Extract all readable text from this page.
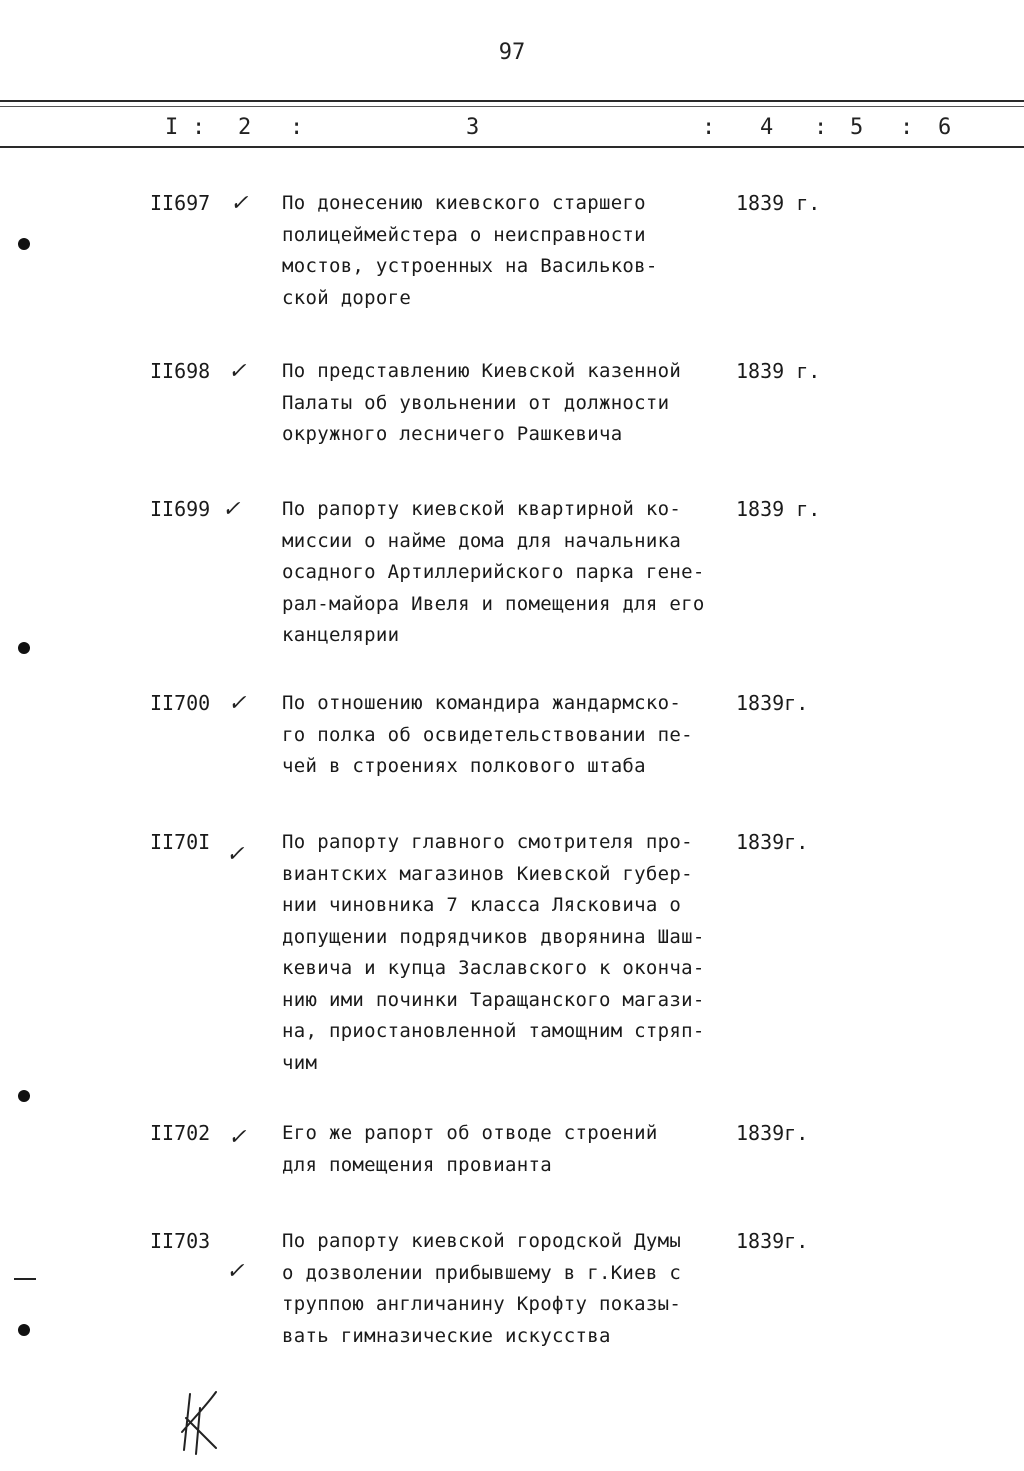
97
I : 2 :	3	: 4 : 5 : 6
II697 ✓ По донесению киевского старшего
полицеймейстера о неисправности
мостов, устроенных на Васильков-
ской дороге
1839 г.
II698 ✓ По представлению Киевской казенной
Палаты об увольнении от должности
окружного лесничего Рашкевича
1839 г.
II699 ✓ По рапорту киевской квартирной ко-
миссии о найме дома для начальника
осадного Артиллерийского парка гене-
рал-майора Ивеля и помещения для его
канцелярии
1839 г.
II700 ✓ По отношению командира жандармско-
го полка об освидетельствовании пе-
чей в строениях полкового штаба
1839г.
II70I ✓ По рапорту главного смотрителя про-
виантских магазинов Киевской губер-
нии чиновника 7 класса Лясковича о
допущении подрядчиков дворянина Шаш-
кевича и купца Заславского к оконча-
нию ими починки Таращанского магази-
на, приостановленной тамощним стряп-
чим
1839г.
II702 ✓ Его же рапорт об отводе строений
для помещения провианта
1839г.
II703
✓
По рапорту киевской городской Думы
о дозволении прибывшему в г.Киев с
труппою англичанину Крофту показы-
вать гимназические искусства
1839г.
